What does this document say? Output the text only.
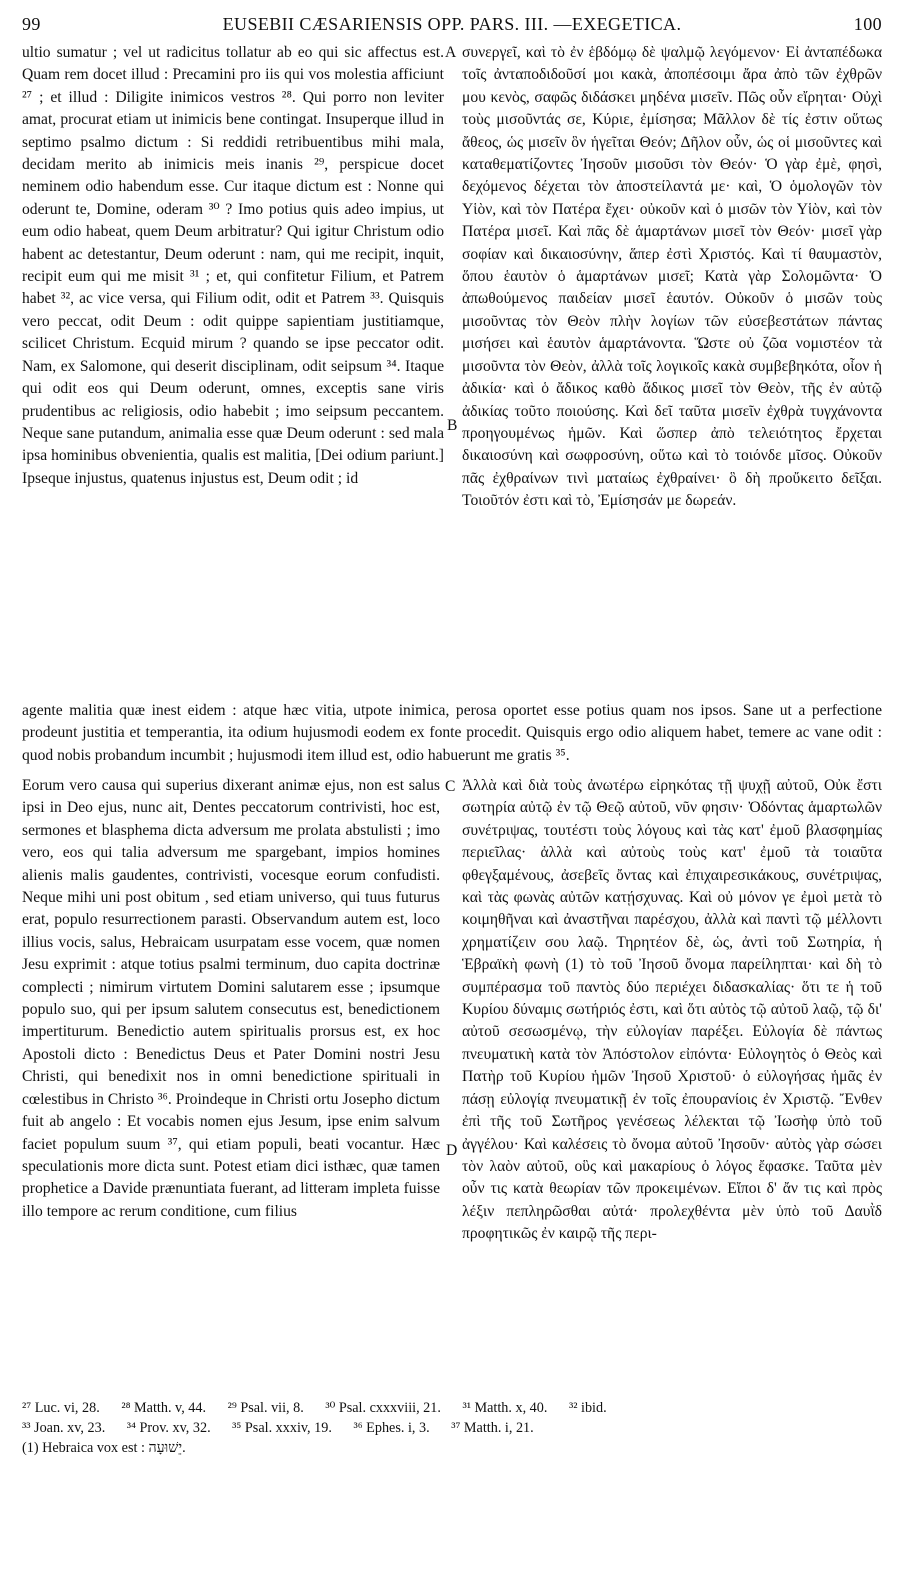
99	EUSEBII CÆSARIENSIS OPP. PARS. III. —EXEGETICA.	100

ultio sumatur ; vel ut radicitus tollatur ab eo qui sic affectus est. Quam rem docet illud : Precamini pro iis qui vos molestia afficiunt ²⁷ ; et illud : Diligite inimicos vestros ²⁸. Qui porro non leviter amat, procurat etiam ut inimicis bene contingat. Insuperque illud in septimo psalmo dictum : Si reddidi retribuentibus mihi mala, decidam merito ab inimicis meis inanis ²⁹, perspicue docet neminem odio habendum esse. Cur itaque dictum est : Nonne qui oderunt te, Domine, oderam ³⁰ ? Imo potius quis adeo impius, ut eum odio habeat, quem Deum arbitratur? Qui igitur Christum odio habent ac detestantur, Deum oderunt : nam, qui me recipit, inquit, recipit eum qui me misit ³¹ ; et, qui confitetur Filium, et Patrem habet ³², ac vice versa, qui Filium odit, odit et Patrem ³³. Quisquis vero peccat, odit Deum : odit quippe sapientiam justitiamque, scilicet Christum. Ecquid mirum ? quando se ipse peccator odit. Nam, ex Salomone, qui deserit disciplinam, odit seipsum ³⁴. Itaque qui odit eos qui Deum oderunt, omnes, exceptis sane viris prudentibus ac religiosis, odio habebit ; imo seipsum peccantem. Neque sane putandum, animalia esse quæ Deum oderunt : sed mala ipsa hominibus obvenientia, qualis est malitia, [Dei odium pariunt.] Ipseque injustus, quatenus injustus est, Deum odit ; id

A
B

συνεργεῖ, καὶ τὸ ἐν ἑβδόμῳ δὲ ψαλμῷ λεγόμενον· Εἰ ἀνταπέδωκα τοῖς ἀνταποδιδοῦσί μοι κακὰ, ἀποπέσοιμι ἄρα ἀπὸ τῶν ἐχθρῶν μου κενὸς, σαφῶς διδάσκει μηδένα μισεῖν. Πῶς οὖν εἴρηται· Οὐχὶ τοὺς μισοῦντάς σε, Κύριε, ἐμίσησα; Μᾶλλον δὲ τίς ἐστιν οὕτως ἄθεος, ὡς μισεῖν ὃν ἡγεῖται Θεόν; Δῆλον οὖν, ὡς οἱ μισοῦντες καὶ καταθεματίζοντες Ἰησοῦν μισοῦσι τὸν Θεόν· Ὁ γὰρ ἐμὲ, φησὶ, δεχόμενος δέχεται τὸν ἀποστείλαντά με· καὶ, Ὁ ὁμολογῶν τὸν Υἱὸν, καὶ τὸν Πατέρα ἔχει· οὐκοῦν καὶ ὁ μισῶν τὸν Υἱὸν, καὶ τὸν Πατέρα μισεῖ. Καὶ πᾶς δὲ ἁμαρτάνων μισεῖ τὸν Θεόν· μισεῖ γὰρ σοφίαν καὶ δικαιοσύνην, ἅπερ ἐστὶ Χριστός. Καὶ τί θαυμαστὸν, ὅπου ἑαυτὸν ὁ ἁμαρτάνων μισεῖ; Κατὰ γὰρ Σολομῶντα· Ὁ ἀπωθούμενος παιδείαν μισεῖ ἑαυτόν. Οὐκοῦν ὁ μισῶν τοὺς μισοῦντας τὸν Θεὸν πλὴν λογίων τῶν εὐσεβεστάτων πάντας μισήσει καὶ ἑαυτὸν ἁμαρτάνοντα. Ὥστε οὐ ζῶα νομιστέον τὰ μισοῦντα τὸν Θεὸν, ἀλλὰ τοῖς λογικοῖς κακὰ συμβεβηκότα, οἷον ἡ ἀδικία· καὶ ὁ ἄδικος καθὸ ἄδικος μισεῖ τὸν Θεὸν, τῆς ἐν αὐτῷ ἀδικίας τοῦτο ποιούσης. Καὶ δεῖ ταῦτα μισεῖν ἐχθρὰ τυγχάνοντα προηγουμένως ἡμῶν. Καὶ ὥσπερ ἀπὸ τελειότητος ἔρχεται δικαιοσύνη καὶ σωφροσύνη, οὕτω καὶ τὸ τοιόνδε μῖσος. Οὐκοῦν πᾶς ἐχθραίνων τινὶ ματαίως ἐχθραίνει· ὃ δὴ προὔκειτο δεῖξαι. Τοιοῦτόν ἐστι καὶ τὸ, Ἐμίσησάν με δωρεάν.

agente malitia quæ inest eidem : atque hæc vitia, utpote inimica, perosa oportet esse potius quam nos ipsos. Sane ut a perfectione prodeunt justitia et temperantia, ita odium hujusmodi eodem ex fonte procedit. Quisquis ergo odio aliquem habet, temere ac vane odit : quod nobis probandum incumbit ; hujusmodi item illud est, odio habuerunt me gratis ³⁵.

Eorum vero causa qui superius dixerant animæ ejus, non est salus ipsi in Deo ejus, nunc ait, Dentes peccatorum contrivisti, hoc est, sermones et blasphema dicta adversum me prolata abstulisti ; imo vero, eos qui talia adversum me spargebant, impios homines alienis malis gaudentes, contrivisti, vocesque eorum confudisti. Neque mihi uni post obitum , sed etiam universo, qui tuus futurus erat, populo resurrectionem parasti. Observandum autem est, loco illius vocis, salus, Hebraicam usurpatam esse vocem, quæ nomen Jesu exprimit : atque totius psalmi terminum, duo capita doctrinæ complecti ; nimirum virtutem Domini salutarem esse ; ipsumque populo suo, qui per ipsum salutem consecutus est, benedictionem impertiturum. Benedictio autem spiritualis prorsus est, ex hoc Apostoli dicto : Benedictus Deus et Pater Domini nostri Jesu Christi, qui benedixit nos in omni benedictione spirituali in cœlestibus in Christo ³⁶. Proindeque in Christi ortu Josepho dictum fuit ab angelo : Et vocabis nomen ejus Jesum, ipse enim salvum faciet populum suum ³⁷, qui etiam populi, beati vocantur. Hæc speculationis more dicta sunt. Potest etiam dici isthæc, quæ tamen prophetice a Davide prænuntiata fuerant, ad litteram impleta fuisse illo tempore ac rerum conditione, cum filius

C
D

Ἀλλὰ καὶ διὰ τοὺς ἀνωτέρω εἰρηκότας τῇ ψυχῇ αὐτοῦ, Οὐκ ἔστι σωτηρία αὐτῷ ἐν τῷ Θεῷ αὐτοῦ, νῦν φησιν· Ὀδόντας ἁμαρτωλῶν συνέτριψας, τουτέστι τοὺς λόγους καὶ τὰς κατ' ἐμοῦ βλασφημίας περιεῖλας· ἀλλὰ καὶ αὐτοὺς τοὺς κατ' ἐμοῦ τὰ τοιαῦτα φθεγξαμένους, ἀσεβεῖς ὄντας καὶ ἐπιχαιρεσικάκους, συνέτριψας, καὶ τὰς φωνὰς αὐτῶν κατῄσχυνας. Καὶ οὐ μόνον γε ἐμοὶ μετὰ τὸ κοιμηθῆναι καὶ ἀναστῆναι παρέσχου, ἀλλὰ καὶ παντὶ τῷ μέλλοντι χρηματίζειν σου λαῷ. Τηρητέον δὲ, ὡς, ἀντὶ τοῦ Σωτηρία, ἡ Ἑβραϊκὴ φωνὴ (1) τὸ τοῦ Ἰησοῦ ὄνομα παρείληπται· καὶ δὴ τὸ συμπέρασμα τοῦ παντὸς δύο περιέχει διδασκαλίας· ὅτι τε ἡ τοῦ Κυρίου δύναμις σωτήριός ἐστι, καὶ ὅτι αὐτὸς τῷ αὐτοῦ λαῷ, τῷ δι' αὐτοῦ σεσωσμένῳ, τὴν εὐλογίαν παρέξει. Εὐλογία δὲ πάντως πνευματικὴ κατὰ τὸν Ἀπόστολον εἰπόντα· Εὐλογητὸς ὁ Θεὸς καὶ Πατὴρ τοῦ Κυρίου ἡμῶν Ἰησοῦ Χριστοῦ· ὁ εὐλογήσας ἡμᾶς ἐν πάσῃ εὐλογίᾳ πνευματικῇ ἐν τοῖς ἐπουρανίοις ἐν Χριστῷ. Ἔνθεν ἐπὶ τῆς τοῦ Σωτῆρος γενέσεως λέλεκται τῷ Ἰωσὴφ ὑπὸ τοῦ ἀγγέλου· Καὶ καλέσεις τὸ ὄνομα αὐτοῦ Ἰησοῦν· αὐτὸς γὰρ σώσει τὸν λαὸν αὐτοῦ, οὓς καὶ μακαρίους ὁ λόγος ἔφασκε. Ταῦτα μὲν οὖν τις κατὰ θεωρίαν τῶν προκειμένων. Εἴποι δ' ἄν τις καὶ πρὸς λέξιν πεπληρῶσθαι αὐτά· προλεχθέντα μὲν ὑπὸ τοῦ Δαυῒδ προφητικῶς ἐν καιρῷ τῆς περι-

²⁷ Luc. vi, 28. ²⁸ Matth. v, 44. ²⁹ Psal. vii, 8. ³⁰ Psal. cxxxviii, 21. ³¹ Matth. x, 40. ³² ibid.
³³ Joan. xv, 23. ³⁴ Prov. xv, 32. ³⁵ Psal. xxxiv, 19. ³⁶ Ephes. i, 3. ³⁷ Matth. i, 21.
(1) Hebraica vox est : יֵשׁוּעָה.
